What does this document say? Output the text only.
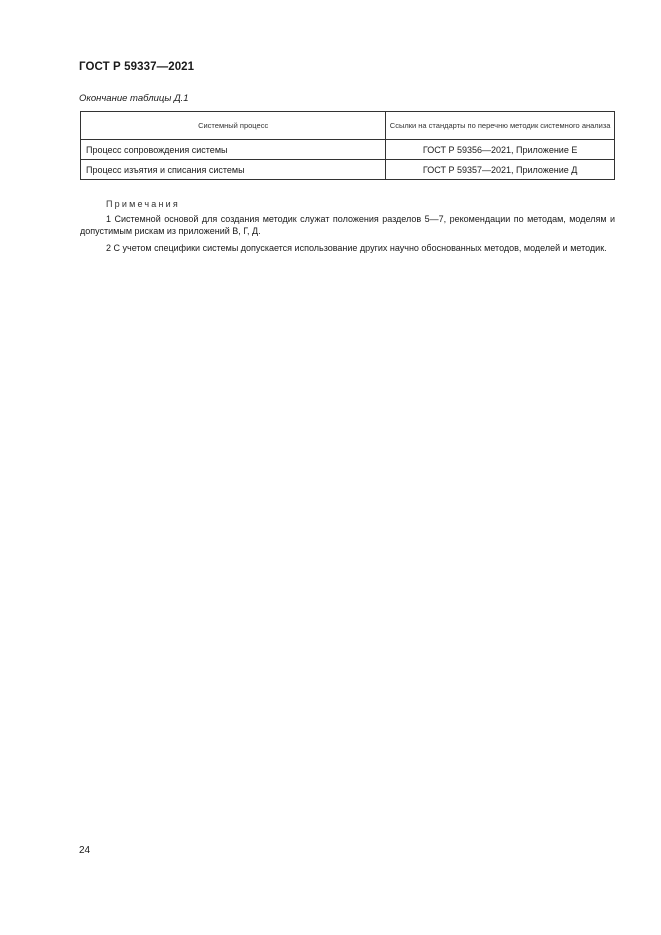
ГОСТ Р 59337—2021
Окончание таблицы Д.1
Системный процесс	Ссылки на стандарты по перечню методик системного анализа
Процесс сопровождения системы	ГОСТ Р 59356—2021, Приложение Е
Процесс изъятия и списания системы	ГОСТ Р 59357—2021, Приложение Д
Примечания

1 Системной основой для создания методик служат положения разделов 5—7, рекомендации по методам, моделям и допустимым рискам из приложений В, Г, Д.

2 С учетом специфики системы допускается использование других научно обоснованных методов, моделей и методик.

24
